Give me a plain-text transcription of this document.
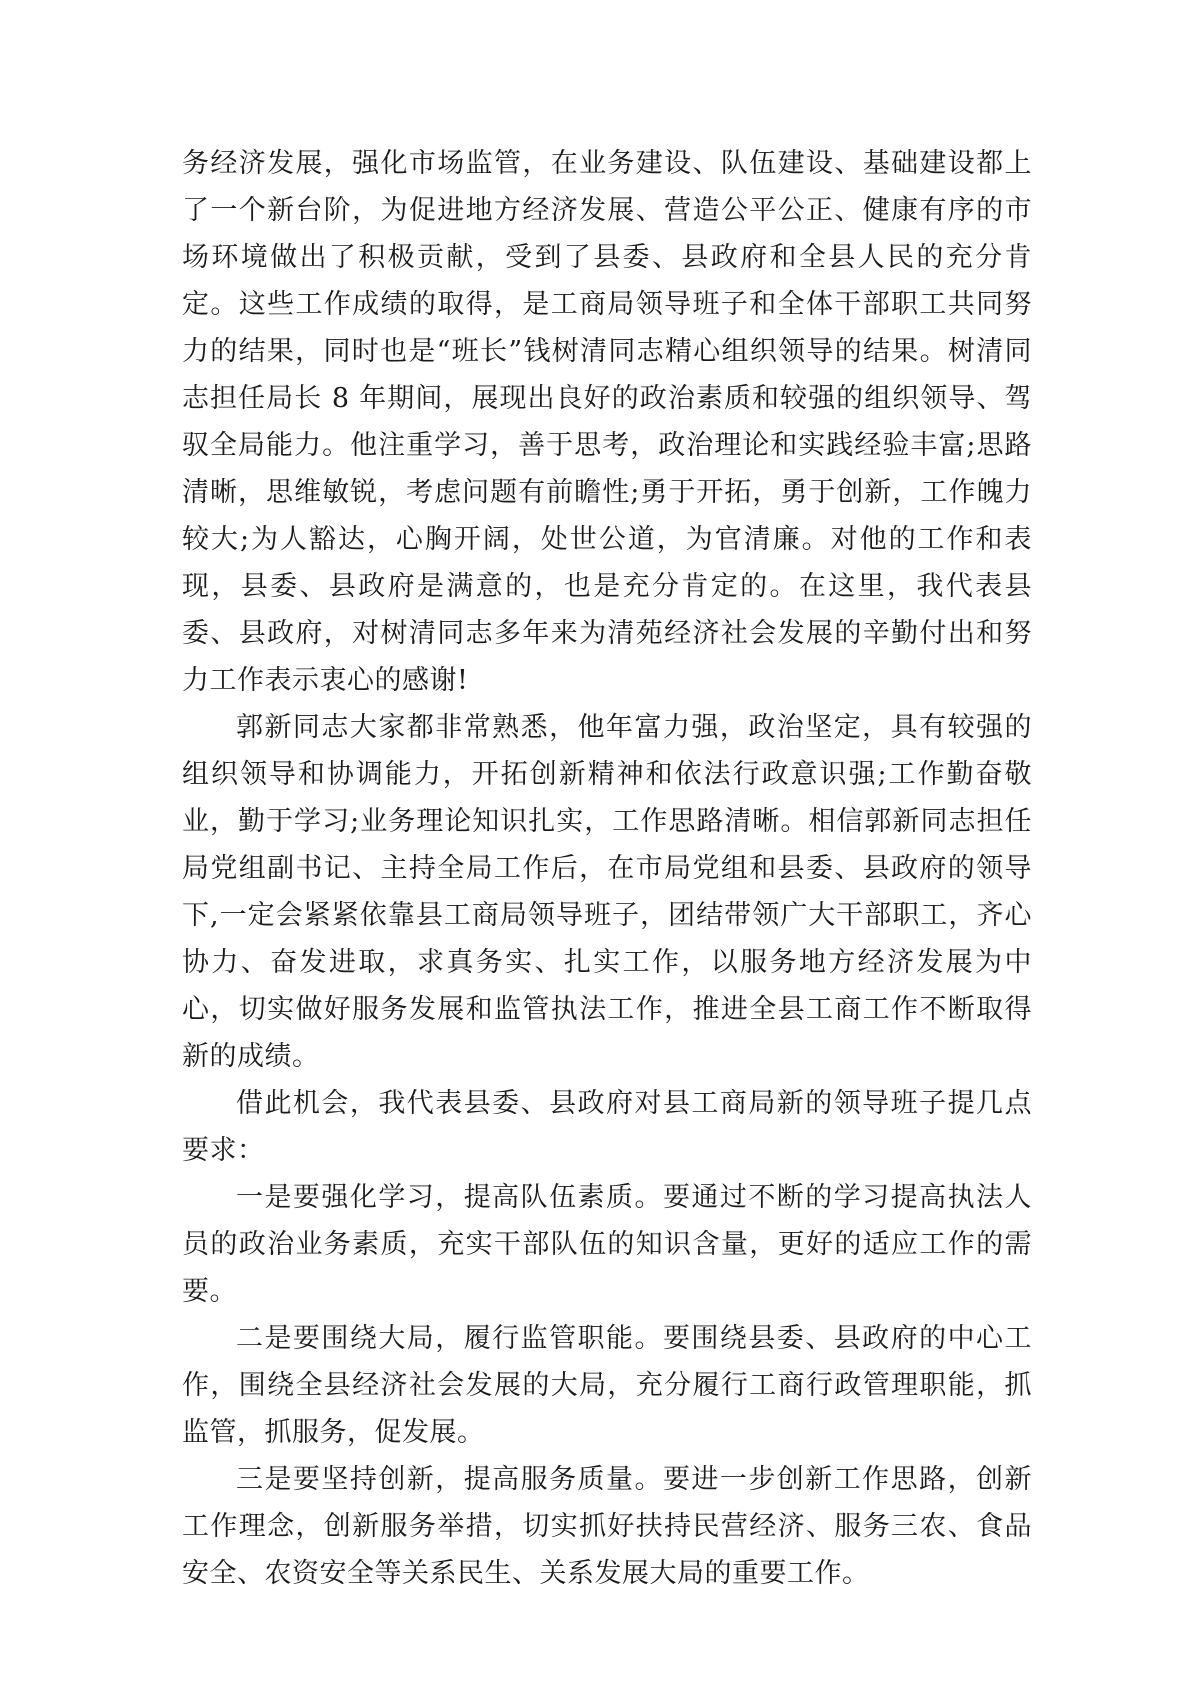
务经济发展，强化市场监管，在业务建设、队伍建设、基础建设都上了一个新台阶，为促进地方经济发展、营造公平公正、健康有序的市场环境做出了积极贡献，受到了县委、县政府和全县人民的充分肯定。这些工作成绩的取得，是工商局领导班子和全体干部职工共同努力的结果，同时也是“班长”钱树清同志精心组织领导的结果。树清同志担任局长 8 年期间，展现出良好的政治素质和较强的组织领导、驾驭全局能力。他注重学习，善于思考，政治理论和实践经验丰富;思路清晰，思维敏锐，考虑问题有前瞻性;勇于开拓，勇于创新，工作魄力较大;为人豁达，心胸开阔，处世公道，为官清廉。对他的工作和表现，县委、县政府是满意的，也是充分肯定的。在这里，我代表县委、县政府，对树清同志多年来为清苑经济社会发展的辛勤付出和努力工作表示衷心的感谢!

郭新同志大家都非常熟悉，他年富力强，政治坚定，具有较强的组织领导和协调能力，开拓创新精神和依法行政意识强;工作勤奋敬业，勤于学习;业务理论知识扎实，工作思路清晰。相信郭新同志担任局党组副书记、主持全局工作后，在市局党组和县委、县政府的领导下,一定会紧紧依靠县工商局领导班子，团结带领广大干部职工，齐心协力、奋发进取，求真务实、扎实工作，以服务地方经济发展为中心，切实做好服务发展和监管执法工作，推进全县工商工作不断取得新的成绩。

借此机会，我代表县委、县政府对县工商局新的领导班子提几点要求：

一是要强化学习，提高队伍素质。要通过不断的学习提高执法人员的政治业务素质，充实干部队伍的知识含量，更好的适应工作的需要。

二是要围绕大局，履行监管职能。要围绕县委、县政府的中心工作，围绕全县经济社会发展的大局，充分履行工商行政管理职能，抓监管，抓服务，促发展。

三是要坚持创新，提高服务质量。要进一步创新工作思路，创新工作理念，创新服务举措，切实抓好扶持民营经济、服务三农、食品安全、农资安全等关系民生、关系发展大局的重要工作。
